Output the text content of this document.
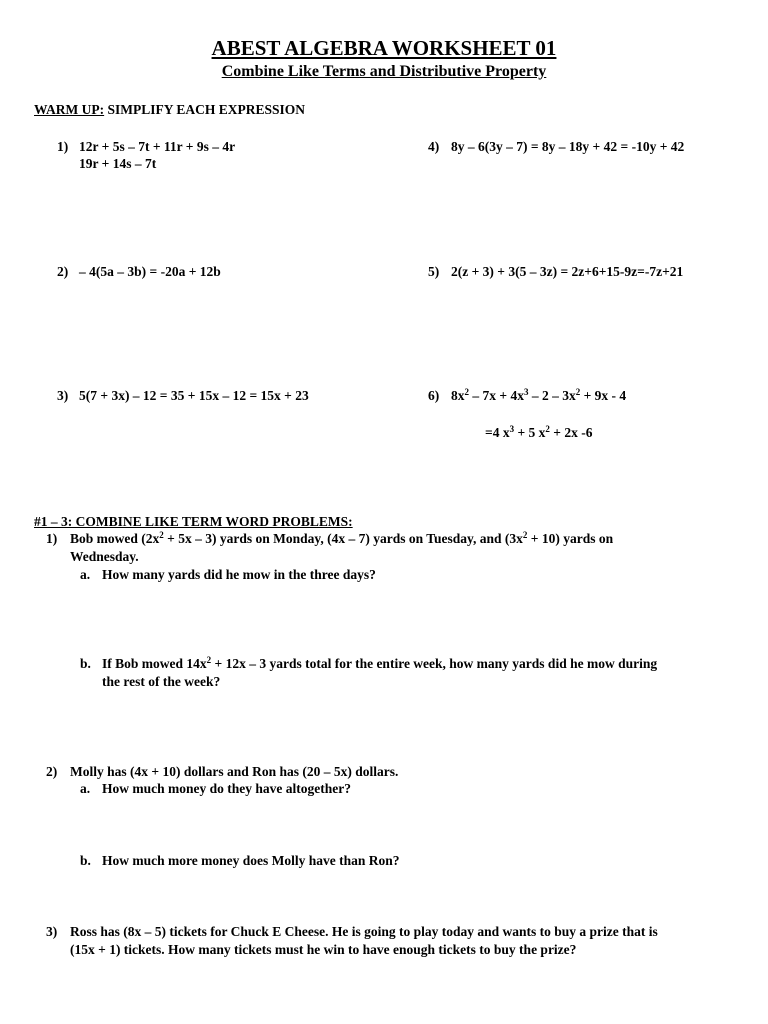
ABEST ALGEBRA WORKSHEET 01
Combine Like Terms and Distributive Property
WARM UP: SIMPLIFY EACH EXPRESSION
1) 12r + 5s – 7t + 11r + 9s – 4r
19r + 14s – 7t
4) 8y – 6(3y – 7) = 8y – 18y + 42 = -10y + 42
2) – 4(5a – 3b) = -20a + 12b	5) 2(z + 3) + 3(5 – 3z) = 2z+6+15-9z=-7z+21
3) 5(7 + 3x) – 12 = 35 + 15x – 12 = 15x + 23	6) $8x^2 - 7x + 4x^3 - 2 - 3x^2 + 9x - 4$
=4 $x^3 + 5$ $x^2 + 2x$ -6
#1 – 3: COMBINE LIKE TERM WORD PROBLEMS:
1) Bob mowed $(2x^2 + 5x - 3)$ yards on Monday, (4x – 7) yards on Tuesday, and $(3x^2 + 10)$ yards on
Wednesday.
a. How many yards did he mow in the three days?
b. If Bob mowed $14x^2 + 12x - 3$ yards total for the entire week, how many yards did he mow during
the rest of the week?
2) Molly has (4x + 10) dollars and Ron has (20 – 5x) dollars.
a. How much money do they have altogether?
b. How much more money does Molly have than Ron?
3) Ross has (8x – 5) tickets for Chuck E Cheese. He is going to play today and wants to buy a prize that is
(15x + 1) tickets. How many tickets must he win to have enough tickets to buy the prize?
